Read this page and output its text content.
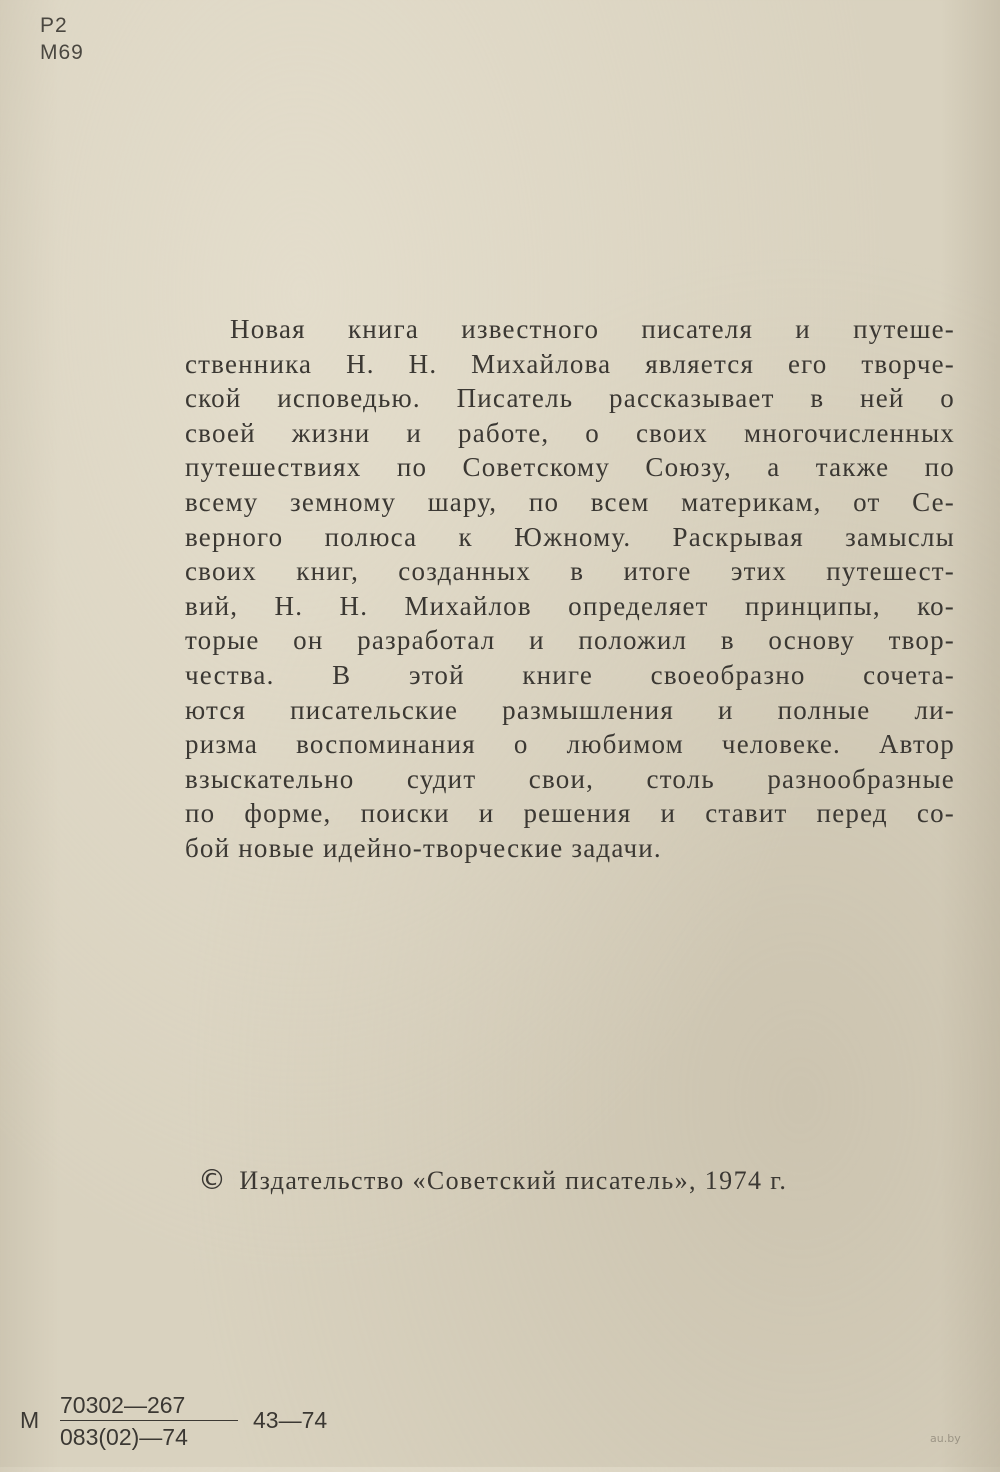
Р2
М69
Новая книга известного писателя и путеше-
ственника Н. Н. Михайлова является его творче-
ской исповедью. Писатель рассказывает в ней о
своей жизни и работе, о своих многочисленных
путешествиях по Советскому Союзу, а также по
всему земному шару, по всем материкам, от Се-
верного полюса к Южному. Раскрывая замыслы
своих книг, созданных в итоге этих путешест-
вий, Н. Н. Михайлов определяет принципы, ко-
торые он разработал и положил в основу твор-
чества. В этой книге своеобразно сочета-
ются писательские размышления и полные ли-
ризма воспоминания о любимом человеке. Автор
взыскательно судит свои, столь разнообразные
по форме, поиски и решения и ставит перед со-
бой новые идейно-творческие задачи.
© Издательство «Советский писатель», 1974 г.
М
70302—267
083(02)—74
43—74
au.by
